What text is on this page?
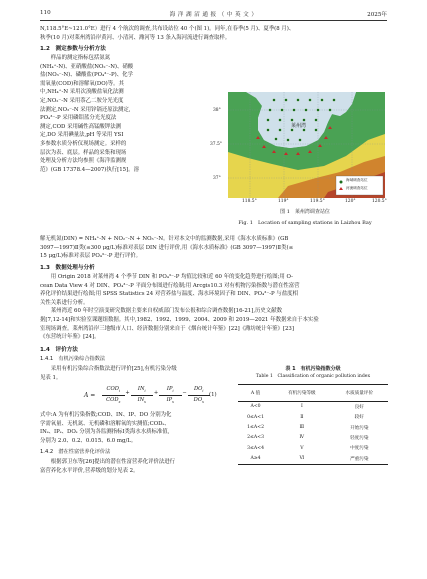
110	海 洋 湖 沼 通 报 （ 中 英 文 ）	2025年
N,118.5°E~121.0°E）进行 4 个航次的调查,共布设站位 40 个(图 1)。同年,在春季(5 月)、夏季(8 月)、
秋季(10 月)对莱州湾沿岸黄河、小清河、潍河等 13 条入海河流进行调查取样。
1.2　测定参数与分析方法
　　样品的测定指标包括氨氮
(NH₄⁺-N)、亚硝酸盐(NO₂⁻-N)、硝酸
盐(NO₃⁻-N)、磷酸盐(PO₄³⁻-P)、化学
需氧量(COD)和溶解氧(DO)等。其
中,NH₄⁺-N 采用次溴酸盐氧化法测
定,NO₂⁻-N 采用萘乙二胺分光光度
法测定,NO₃⁻-N 采用锌镉还原法测定,
PO₄³⁻-P 采用磷钼蓝分光光度法
测定,COD 采用碱性高锰酸钾法测
定,DO 采用碘量法,pH 等采用 YSI
多参数水质分析仪现场测定。采样的
层次为表、底层。样品的采集和现场
处理及分析方法均参照《海洋监测规
范》(GB 17378.4—2007)执行[15]。溶
莱州湾
海域调查站位
河流调查站位
38°
37.5°
37°
118.5°	119°	119.5°	120°	120.5°
图 1　莱州湾调查站位
Fig. 1　Location of sampling stations in Laizhou Bay
解无机氮(DIN) = NH₄⁺-N + NO₂⁻-N + NO₃⁻-N。针对本文中的监测数据,采用《海水水质标准》(GB
3097—1997)Ⅱ类(≤300 μg/L)标准对表层 DIN 进行评价,用《海水水质标准》(GB 3097—1997)Ⅱ类(≤
15 μg/L)标准对表层 PO₄³⁻-P 进行评价。
1.3　数据处理与分析
　　用 Origin 2018 对莱州湾 4 个季节 DIN 和 PO₄³⁻-P 均值比较和近 60 年的变化趋势进行绘图;用 O-
cean Data View 4 对 DIN、PO₄³⁻-P 平面分布图进行绘制;用 Arcgis10.3 对有机物污染指数与潜在性富营
养化评价结果进行绘图;用 SPSS Statistics 24 对营养盐与温度、海水环境因子和 DIN、PO₄³⁻-P 与盐度相
关性关系进行分析。
　　莱州湾近 60 年时空演变研究数据主要来自权威部门发布公报和综合调查数据[16-21],历史文献数
据[7,12-14]和实验室课题组数据。其中,1982、1992、1999、2004、2009 和 2019—2021 年数据来自于本实验
室现场调查。莱州湾沿岸三地级市人口、经济数据分别来自于《烟台统计年鉴》[22]《潍坊统计年鉴》[23]
《东营统计年鉴》[24]。
1.4　评价方法
1.4.1　有机污染综合指数法
　　采用有机污染综合指数法进行评价[25],有机污染分级
见表 1。
A =
$COD_i$
$COD_s$
+
$IN_i$
$IN_s$
+
$IP_i$
$IP_s$
−
$DO_i$
$DO_s$
(1)
式中:A 为有机污染指数;COD、IN、IP、DO 分别为化
学需氧量、无机氮、无机磷和溶解氧的实测值;CODₛ、
INₛ、IPₛ、DOₛ 分别为各监测指标Ⅰ类海水水质标准值,
分别为 2.0、0.2、0.015、6.0 mg/L。
1.4.2　潜在性富营养化评价法
　　根据郭卫东等[26]提出的潜在性富营养化评价法进行
富营养化水平评价,营养级的划分见表 2。
表 1　有机污染指数分级
Table 1　Classification of organic pollution index
A 值	有机污染等级	水质质量评价
A<0	Ⅰ	良好
0≤A<1	Ⅱ	较好
1≤A<2	Ⅲ	开始污染
2≤A<3	Ⅳ	轻度污染
3≤A<4	Ⅴ	中度污染
A≥4	Ⅵ	严重污染
